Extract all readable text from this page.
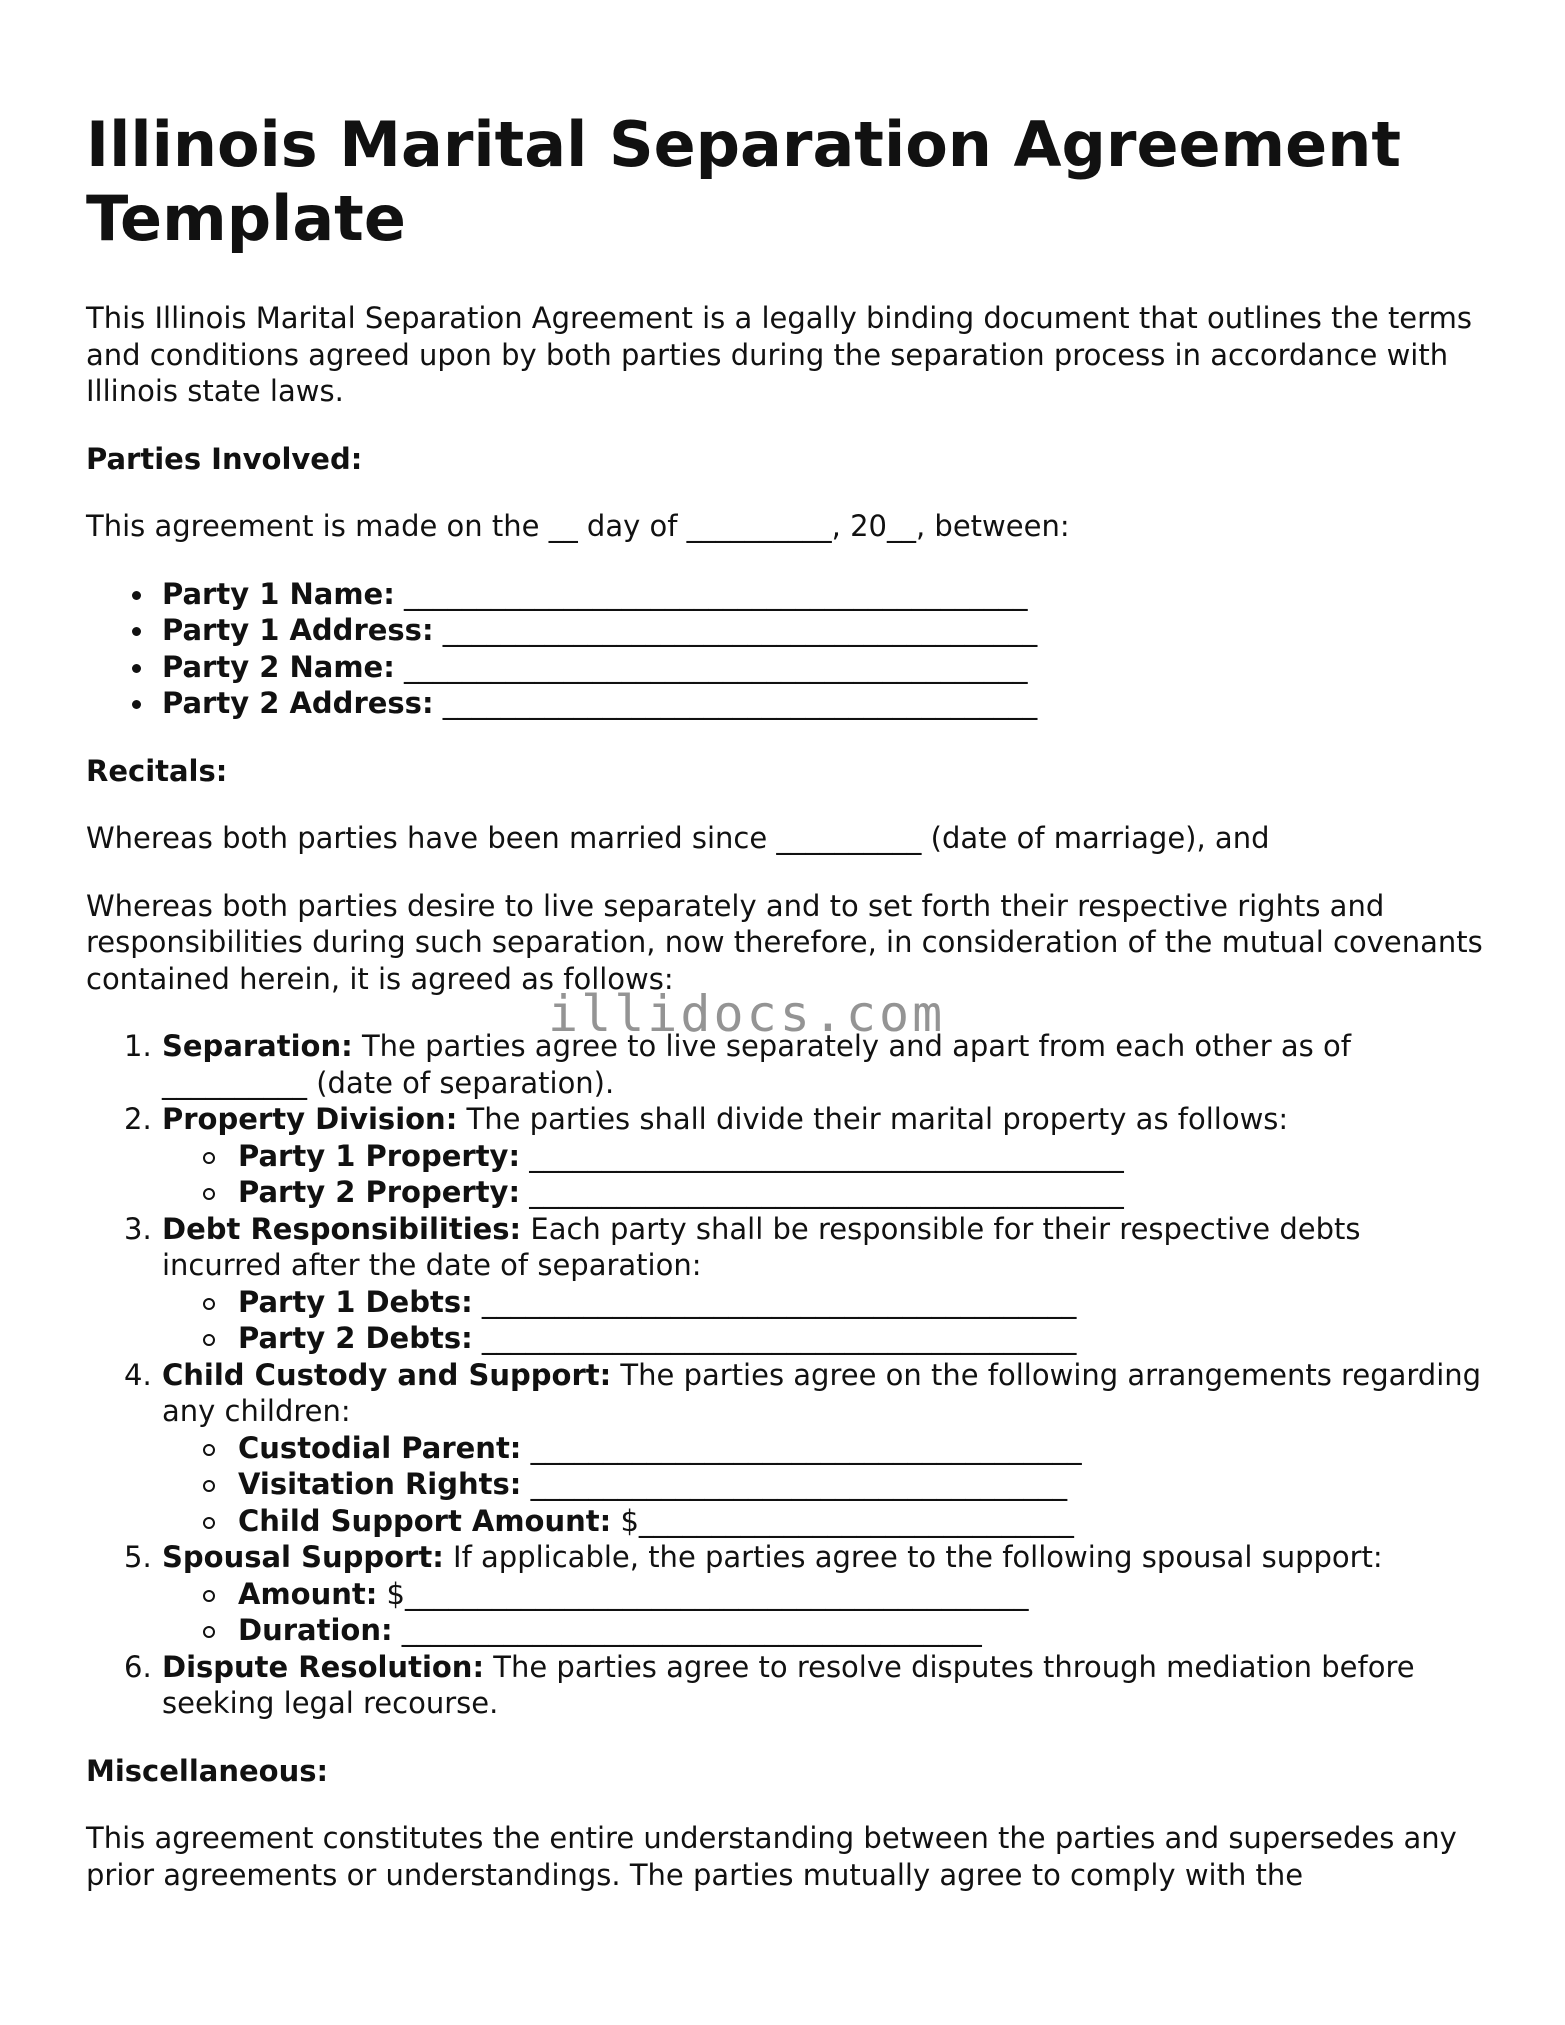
Illinois Marital Separation Agreement Template

This Illinois Marital Separation Agreement is a legally binding document that outlines the terms and conditions agreed upon by both parties during the separation process in accordance with Illinois state laws.

Parties Involved:

This agreement is made on the __ day of __________, 20__, between:

Party 1 Name: ___________________________________________
Party 1 Address: _________________________________________
Party 2 Name: ___________________________________________
Party 2 Address: _________________________________________

Recitals:

Whereas both parties have been married since __________ (date of marriage), and

Whereas both parties desire to live separately and to set forth their respective rights and responsibilities during such separation, now therefore, in consideration of the mutual covenants contained herein, it is agreed as follows:

1. Separation: The parties agree to live separately and apart from each other as of __________ (date of separation).
2. Property Division: The parties shall divide their marital property as follows:
Party 1 Property: _________________________________________
Party 2 Property: _________________________________________
3. Debt Responsibilities: Each party shall be responsible for their respective debts incurred after the date of separation:
Party 1 Debts: _________________________________________
Party 2 Debts: _________________________________________
4. Child Custody and Support: The parties agree on the following arrangements regarding any children:
Custodial Parent: ______________________________________
Visitation Rights: _____________________________________
Child Support Amount: $______________________________
5. Spousal Support: If applicable, the parties agree to the following spousal support:
Amount: $___________________________________________
Duration: ________________________________________
6. Dispute Resolution: The parties agree to resolve disputes through mediation before seeking legal recourse.

Miscellaneous:

This agreement constitutes the entire understanding between the parties and supersedes any prior agreements or understandings. The parties mutually agree to comply with the

illidocs.com
